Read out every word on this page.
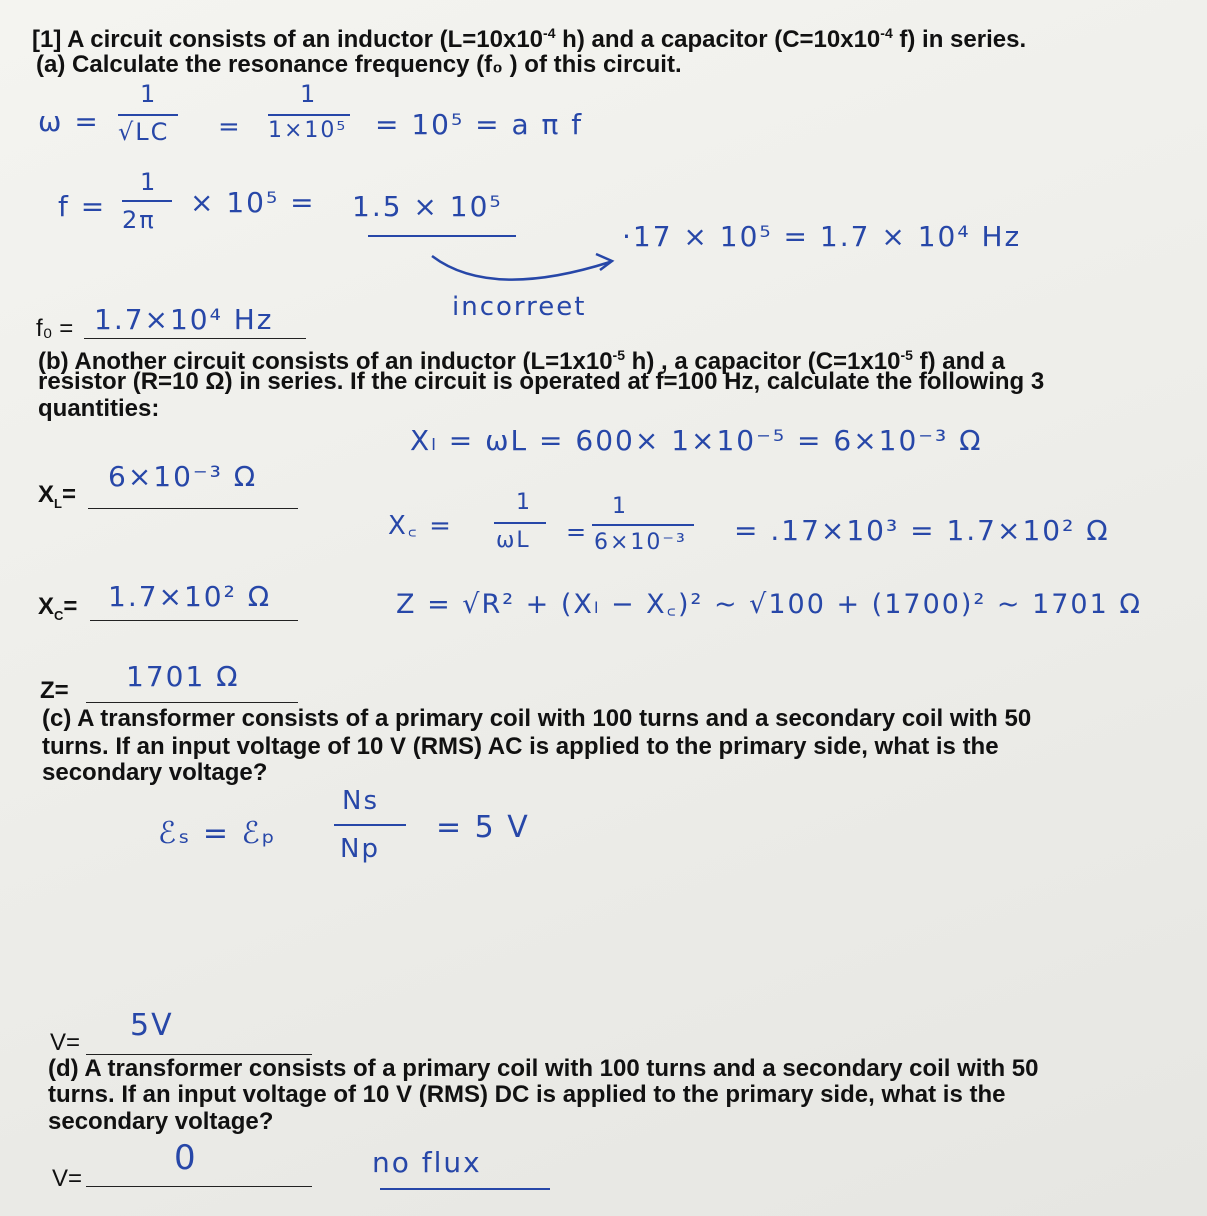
[1] A circuit consists of an inductor ($L=10x10^{-4}$ h) and a capacitor ($C=10x10^{-4}$ f) in series.
(a) Calculate the resonance frequency (f₀ ) of this circuit.
ω =
1
√LC =
1
1×10⁵ = 10⁵ = a π f
f =
1
2π
× 10⁵ = 1.5 × 10⁵
·17 × 10⁵ = 1.7 × 10⁴ Hz
incorreet
f₀ = 1.7×10⁴ Hz
(b) Another circuit consists of an inductor ($L=1x10^{-5}$ h) , a capacitor ($C=1x10^{-5}$ f) and a
resistor (R=10 Ω) in series. If the circuit is operated at f=100 Hz, calculate the following 3
quantities:
Xₗ = ωL = 600× 1×10⁻⁵ = 6×10⁻³ Ω
$X_L=$
6×10⁻³ Ω
X꜀ =
1
ωL =
1
6×10⁻³ = .17×10³ = 1.7×10² Ω
$X_C= 1.7\times 10^2$ Ω	Z = √R² + (Xₗ − X꜀)² ~ √100 + (1700)² ~ 1701 Ω
Z= 1701 Ω
(c) A transformer consists of a primary coil with 100 turns and a secondary coil with 50
turns. If an input voltage of 10 V (RMS) AC is applied to the primary side, what is the
secondary voltage?
ℰₛ = ℰₚ
Ns
Np
= 5 V
V= 5V
(d) A transformer consists of a primary coil with 100 turns and a secondary coil with 50
turns. If an input voltage of 10 V (RMS) DC is applied to the primary side, what is the
secondary voltage?
V=
0	no flux
